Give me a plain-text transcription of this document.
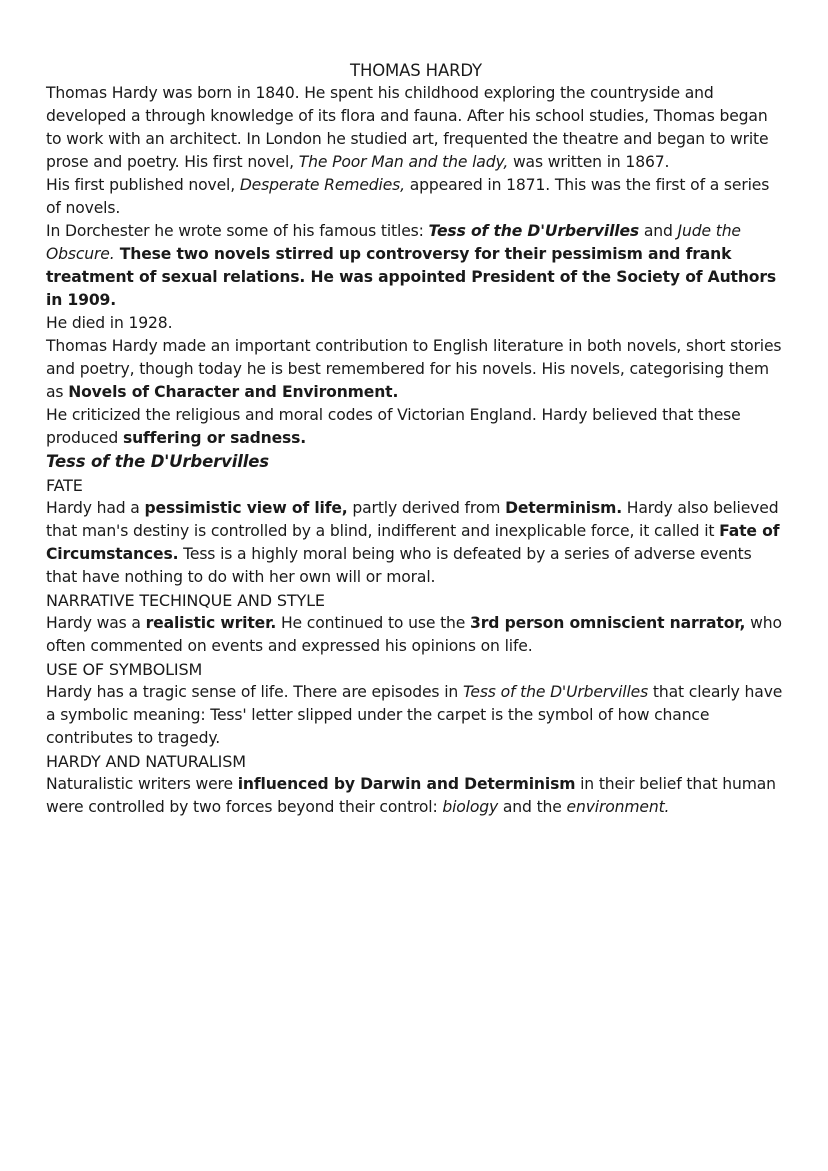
THOMAS HARDY

Thomas Hardy was born in 1840. He spent his childhood exploring the countryside and developed a through knowledge of its flora and fauna. After his school studies, Thomas began to work with an architect. In London he studied art, frequented the theatre and began to write prose and poetry. His first novel, The Poor Man and the lady, was written in 1867.

His first published novel, Desperate Remedies, appeared in 1871. This was the first of a series of novels.

In Dorchester he wrote some of his famous titles: Tess of the D'Urbervilles and Jude the Obscure. These two novels stirred up controversy for their pessimism and frank treatment of sexual relations. He was appointed President of the Society of Authors in 1909.

He died in 1928.

Thomas Hardy made an important contribution to English literature in both novels, short stories and poetry, though today he is best remembered for his novels. His novels, categorising them as Novels of Character and Environment.

He criticized the religious and moral codes of Victorian England. Hardy believed that these produced suffering or sadness.

Tess of the D'Urbervilles
FATE

Hardy had a pessimistic view of life, partly derived from Determinism. Hardy also believed that man's destiny is controlled by a blind, indifferent and inexplicable force, it called it Fate of Circumstances. Tess is a highly moral being who is defeated by a series of adverse events that have nothing to do with her own will or moral.

NARRATIVE TECHINQUE AND STYLE

Hardy was a realistic writer. He continued to use the 3rd person omniscient narrator, who often commented on events and expressed his opinions on life.

USE OF SYMBOLISM

Hardy has a tragic sense of life. There are episodes in Tess of the D'Urbervilles that clearly have a symbolic meaning: Tess' letter slipped under the carpet is the symbol of how chance contributes to tragedy.

HARDY AND NATURALISM

Naturalistic writers were influenced by Darwin and Determinism in their belief that human were controlled by two forces beyond their control: biology and the environment.
